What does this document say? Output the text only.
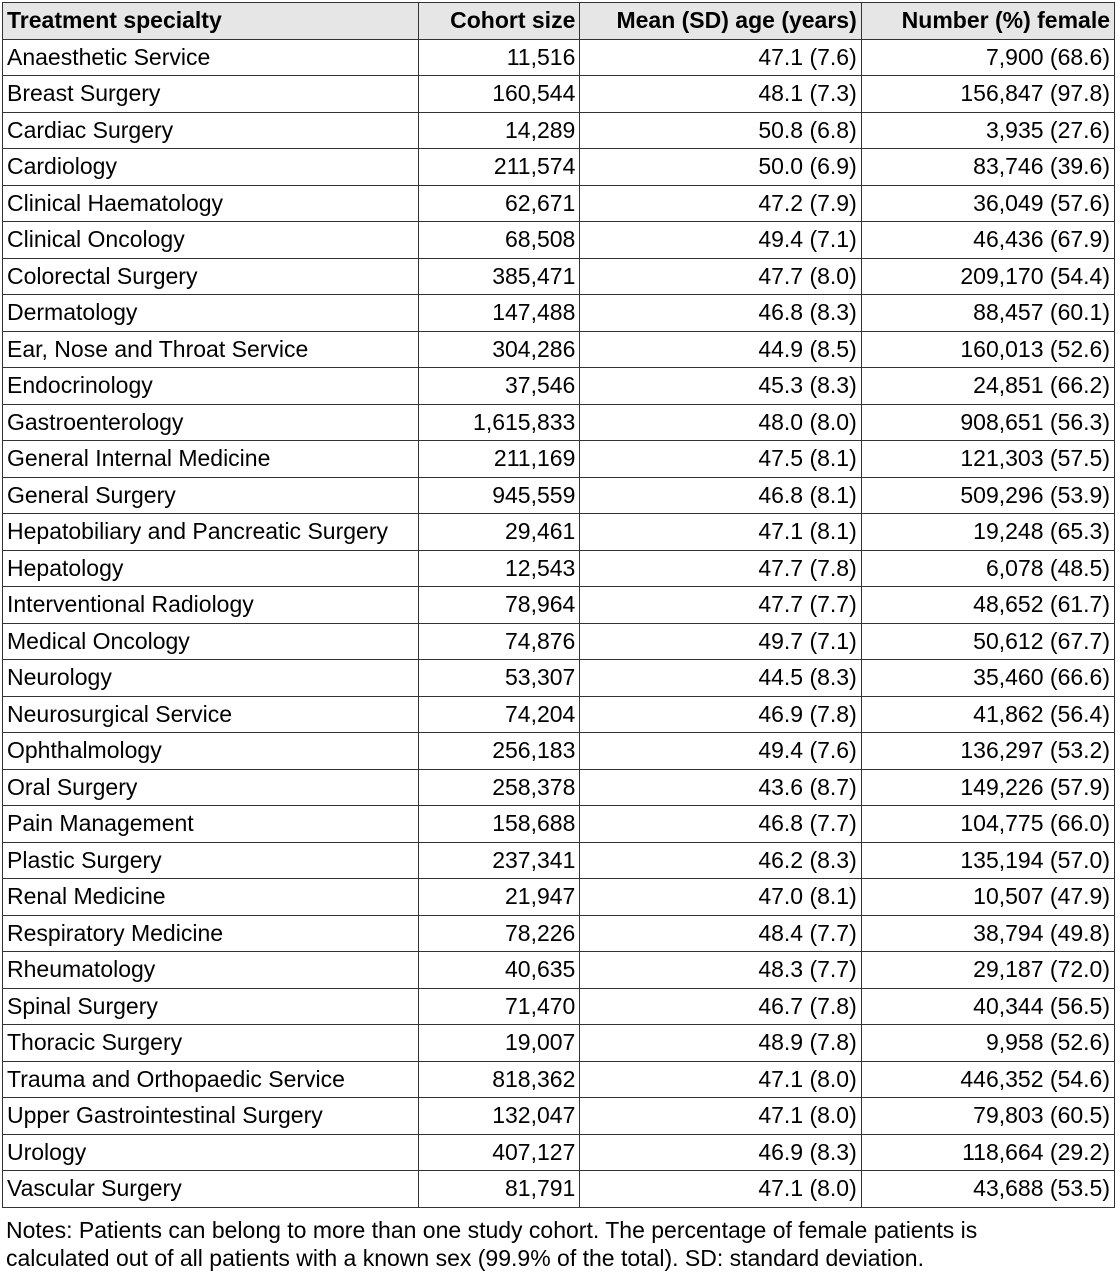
Treatment specialty	Cohort size	Mean (SD) age (years)	Number (%) female
Anaesthetic Service	11,516	47.1 (7.6)	7,900 (68.6)
Breast Surgery	160,544	48.1 (7.3)	156,847 (97.8)
Cardiac Surgery	14,289	50.8 (6.8)	3,935 (27.6)
Cardiology	211,574	50.0 (6.9)	83,746 (39.6)
Clinical Haematology	62,671	47.2 (7.9)	36,049 (57.6)
Clinical Oncology	68,508	49.4 (7.1)	46,436 (67.9)
Colorectal Surgery	385,471	47.7 (8.0)	209,170 (54.4)
Dermatology	147,488	46.8 (8.3)	88,457 (60.1)
Ear, Nose and Throat Service	304,286	44.9 (8.5)	160,013 (52.6)
Endocrinology	37,546	45.3 (8.3)	24,851 (66.2)
Gastroenterology	1,615,833	48.0 (8.0)	908,651 (56.3)
General Internal Medicine	211,169	47.5 (8.1)	121,303 (57.5)
General Surgery	945,559	46.8 (8.1)	509,296 (53.9)
Hepatobiliary and Pancreatic Surgery	29,461	47.1 (8.1)	19,248 (65.3)
Hepatology	12,543	47.7 (7.8)	6,078 (48.5)
Interventional Radiology	78,964	47.7 (7.7)	48,652 (61.7)
Medical Oncology	74,876	49.7 (7.1)	50,612 (67.7)
Neurology	53,307	44.5 (8.3)	35,460 (66.6)
Neurosurgical Service	74,204	46.9 (7.8)	41,862 (56.4)
Ophthalmology	256,183	49.4 (7.6)	136,297 (53.2)
Oral Surgery	258,378	43.6 (8.7)	149,226 (57.9)
Pain Management	158,688	46.8 (7.7)	104,775 (66.0)
Plastic Surgery	237,341	46.2 (8.3)	135,194 (57.0)
Renal Medicine	21,947	47.0 (8.1)	10,507 (47.9)
Respiratory Medicine	78,226	48.4 (7.7)	38,794 (49.8)
Rheumatology	40,635	48.3 (7.7)	29,187 (72.0)
Spinal Surgery	71,470	46.7 (7.8)	40,344 (56.5)
Thoracic Surgery	19,007	48.9 (7.8)	9,958 (52.6)
Trauma and Orthopaedic Service	818,362	47.1 (8.0)	446,352 (54.6)
Upper Gastrointestinal Surgery	132,047	47.1 (8.0)	79,803 (60.5)
Urology	407,127	46.9 (8.3)	118,664 (29.2)
Vascular Surgery	81,791	47.1 (8.0)	43,688 (53.5)
Notes: Patients can belong to more than one study cohort. The percentage of female patients is
calculated out of all patients with a known sex (99.9% of the total). SD: standard deviation.
